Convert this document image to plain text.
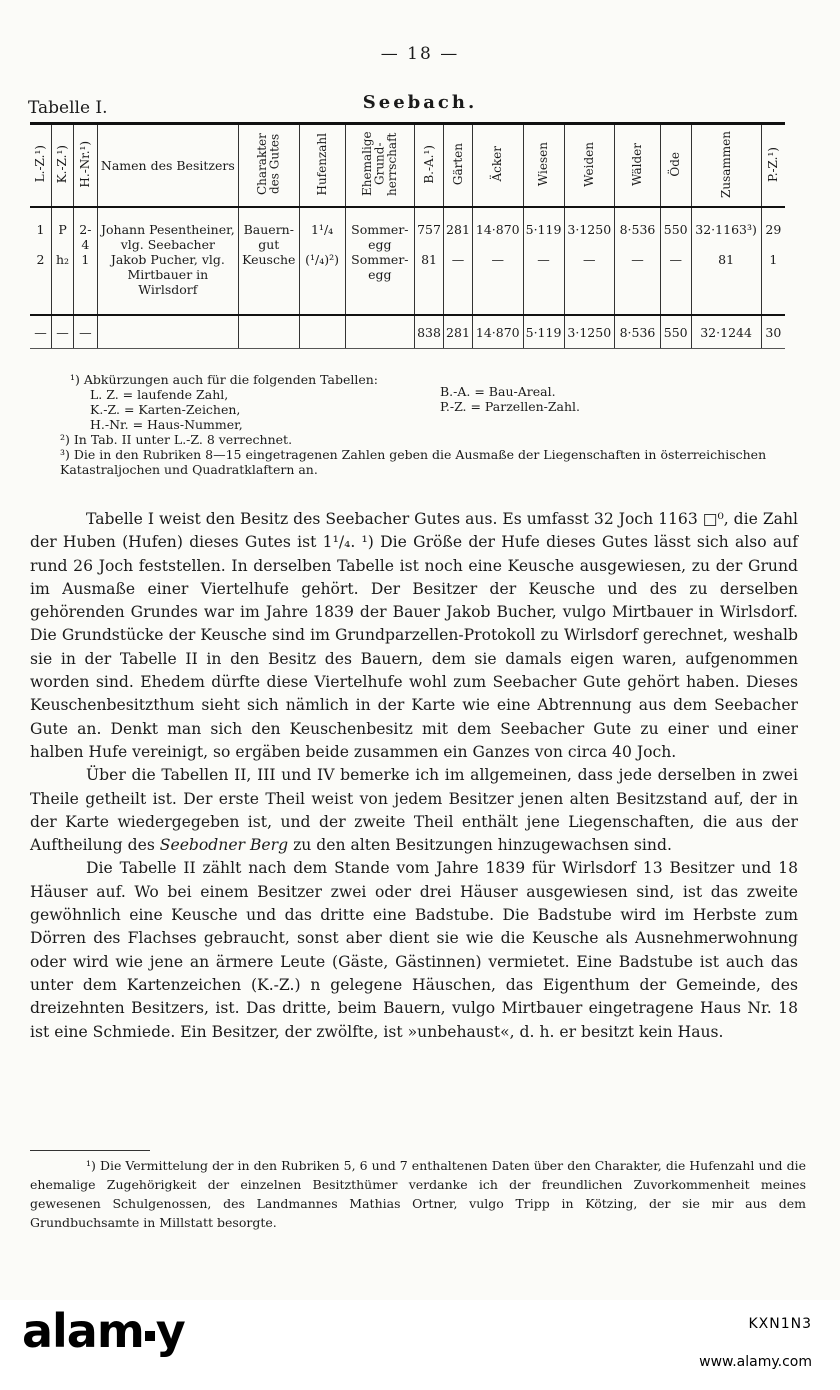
— 18 —
Tabelle I.	Seebach.
L.-Z.¹)	K.-Z.¹)	H.-Nr.¹)	Namen des Besitzers	Charakter des Gutes	Hufenzahl	Ehemalige Grund-herrschaft	B.-A.¹)	Gärten	Äcker	Wiesen	Weiden	Wälder	Öde	Zusammen	P.-Z.¹)
1	P	2-4	Johann Pesentheiner, vlg. Seebacher	Bauern-gut	1¹/₄	Sommer-egg	757	281	14·870	5·119	3·1250	8·536	550	32·1163³)	29
2	h₂	1	Jakob Pucher, vlg. Mirtbauer in Wirlsdorf	Keusche	(¹/₄)²)	Sommer-egg	81	—	—	—	—	—	—	81	1
—	—	—					838	281	14·870	5·119	3·1250	8·536	550	32·1244	30
¹) Abkürzungen auch für die folgenden Tabellen:
L. Z. = laufende Zahl,
K.-Z. = Karten-Zeichen,
H.-Nr. = Haus-Nummer,
B.-A. = Bau-Areal.
P.-Z. = Parzellen-Zahl.
²) In Tab. II unter L.-Z. 8 verrechnet.
³) Die in den Rubriken 8—15 eingetragenen Zahlen geben die Ausmaße der Liegenschaften in österreichischen Katastraljochen und Quadratklaftern an.

Tabelle I weist den Besitz des Seebacher Gutes aus. Es umfasst 32 Joch 1163 □⁰, die Zahl der Huben (Hufen) dieses Gutes ist 1¹/₄. ¹) Die Größe der Hufe dieses Gutes lässt sich also auf rund 26 Joch feststellen. In derselben Tabelle ist noch eine Keusche ausgewiesen, zu der Grund im Ausmaße einer Viertelhufe gehört. Der Besitzer der Keusche und des zu derselben gehörenden Grundes war im Jahre 1839 der Bauer Jakob Bucher, vulgo Mirtbauer in Wirlsdorf. Die Grundstücke der Keusche sind im Grundparzellen-Protokoll zu Wirlsdorf gerechnet, weshalb sie in der Tabelle II in den Besitz des Bauern, dem sie damals eigen waren, aufgenommen worden sind. Ehedem dürfte diese Viertelhufe wohl zum Seebacher Gute gehört haben. Dieses Keuschenbesitzthum sieht sich nämlich in der Karte wie eine Abtrennung aus dem Seebacher Gute an. Denkt man sich den Keuschenbesitz mit dem Seebacher Gute zu einer und einer halben Hufe vereinigt, so ergäben beide zusammen ein Ganzes von circa 40 Joch.

Über die Tabellen II, III und IV bemerke ich im allgemeinen, dass jede derselben in zwei Theile getheilt ist. Der erste Theil weist von jedem Besitzer jenen alten Besitzstand auf, der in der Karte wiedergegeben ist, und der zweite Theil enthält jene Liegenschaften, die aus der Auftheilung des Seebodner Berg zu den alten Besitzungen hinzugewachsen sind.

Die Tabelle II zählt nach dem Stande vom Jahre 1839 für Wirlsdorf 13 Besitzer und 18 Häuser auf. Wo bei einem Besitzer zwei oder drei Häuser ausgewiesen sind, ist das zweite gewöhnlich eine Keusche und das dritte eine Badstube. Die Badstube wird im Herbste zum Dörren des Flachses gebraucht, sonst aber dient sie wie die Keusche als Ausnehmerwohnung oder wird wie jene an ärmere Leute (Gäste, Gästinnen) vermietet. Eine Badstube ist auch das unter dem Kartenzeichen (K.-Z.) n gelegene Häuschen, das Eigenthum der Gemeinde, des dreizehnten Besitzers, ist. Das dritte, beim Bauern, vulgo Mirtbauer eingetragene Haus Nr. 18 ist eine Schmiede. Ein Besitzer, der zwölfte, ist »unbehaust«, d. h. er besitzt kein Haus.

¹) Die Vermittelung der in den Rubriken 5, 6 und 7 enthaltenen Daten über den Charakter, die Hufenzahl und die ehemalige Zugehörigkeit der einzelnen Besitzthümer verdanke ich der freundlichen Zuvorkommenheit meines gewesenen Schulgenossen, des Landmannes Mathias Ortner, vulgo Tripp in Kötzing, der sie mir aus dem Grundbuchsamte in Millstatt besorgte.
alam y	KXN1N3
www.alamy.com
